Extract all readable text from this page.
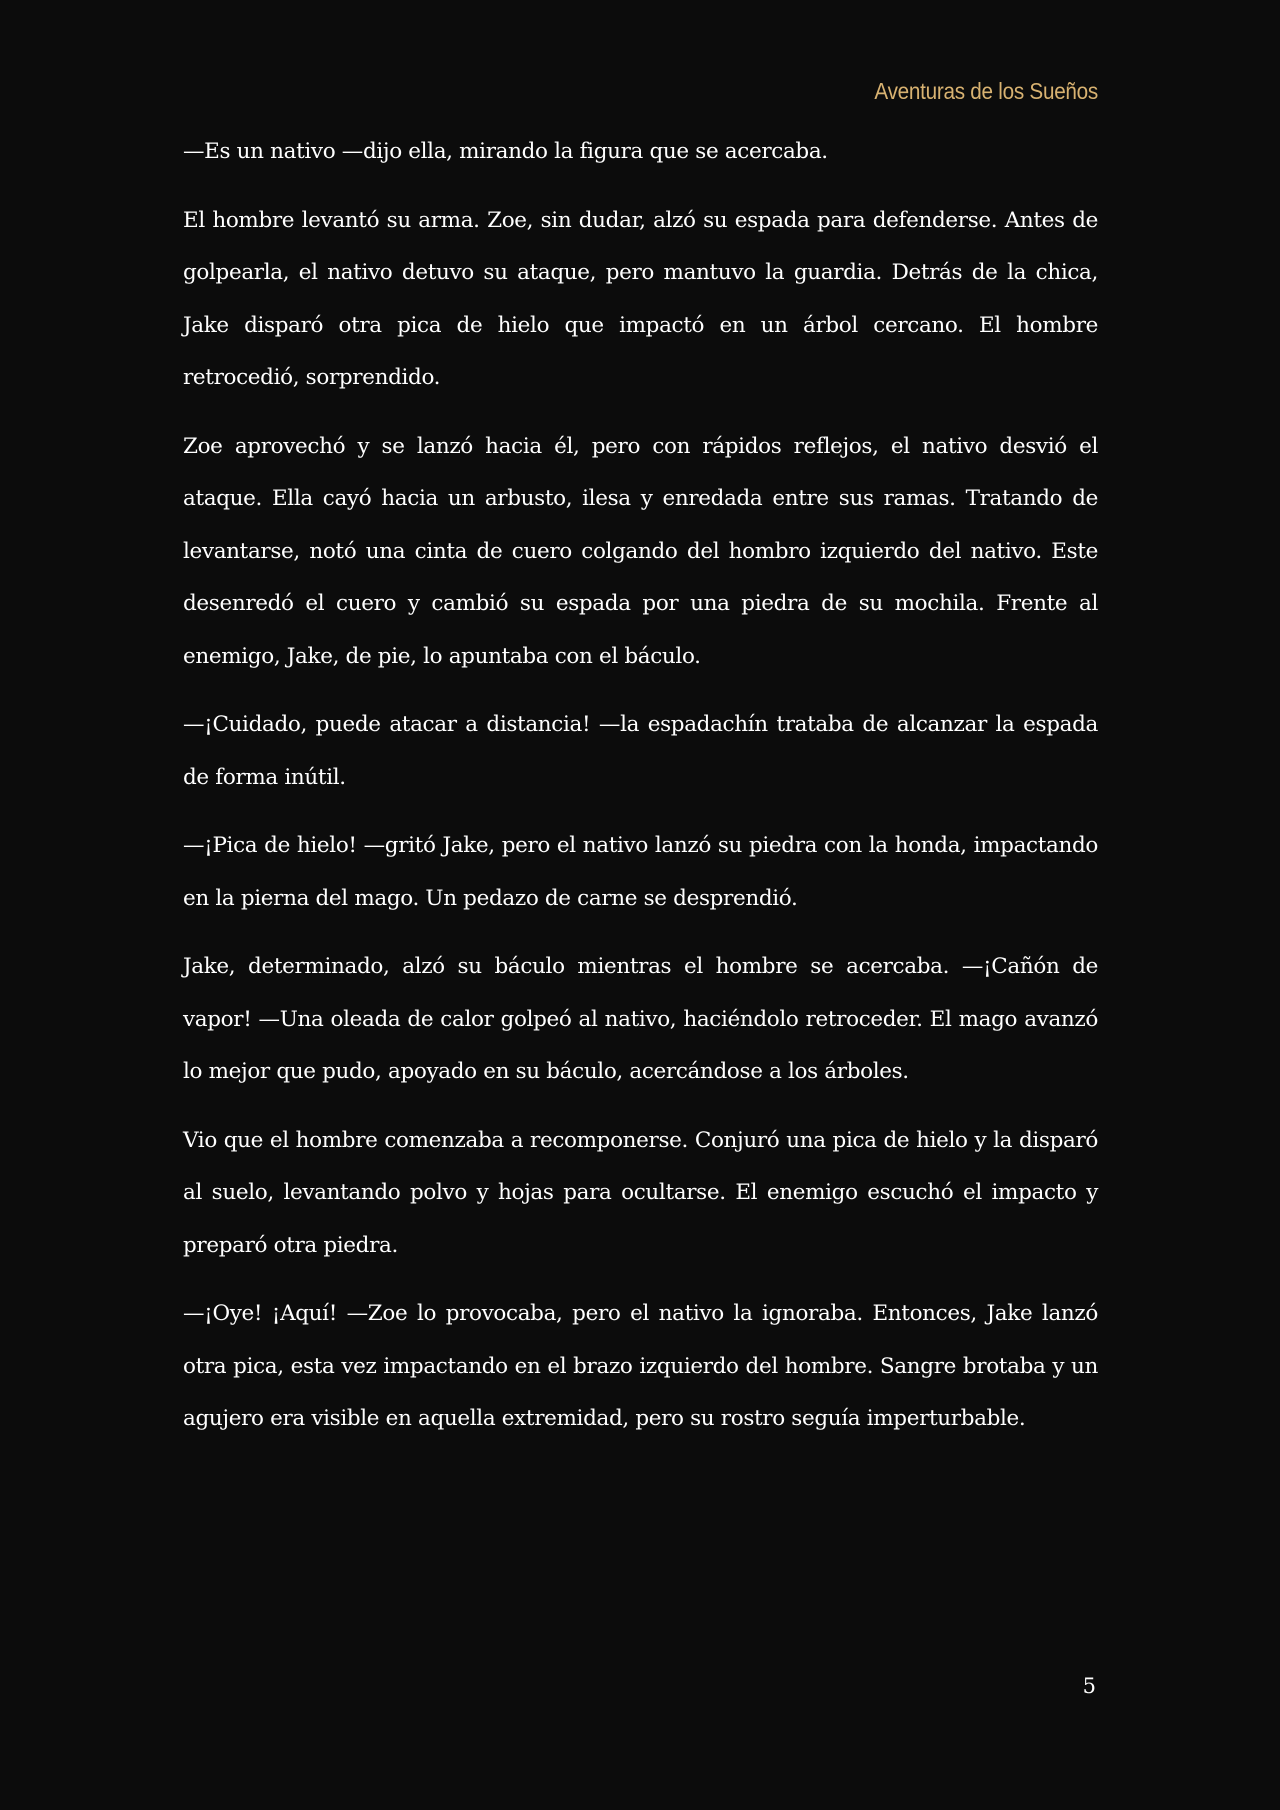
Aventuras de los Sueños

—Es un nativo —dijo ella, mirando la figura que se acercaba.

El hombre levantó su arma. Zoe, sin dudar, alzó su espada para defenderse. Antes de golpearla, el nativo detuvo su ataque, pero mantuvo la guardia. Detrás de la chica, Jake disparó otra pica de hielo que impactó en un árbol cercano. El hombre retrocedió, sorprendido.

Zoe aprovechó y se lanzó hacia él, pero con rápidos reflejos, el nativo desvió el ataque. Ella cayó hacia un arbusto, ilesa y enredada entre sus ramas. Tratando de levantarse, notó una cinta de cuero colgando del hombro izquierdo del nativo. Este desenredó el cuero y cambió su espada por una piedra de su mochila. Frente al enemigo, Jake, de pie, lo apuntaba con el báculo.

—¡Cuidado, puede atacar a distancia! —la espadachín trataba de alcanzar la espada de forma inútil.

—¡Pica de hielo! —gritó Jake, pero el nativo lanzó su piedra con la honda, impactando en la pierna del mago. Un pedazo de carne se desprendió.

Jake, determinado, alzó su báculo mientras el hombre se acercaba. —¡Cañón de vapor! —Una oleada de calor golpeó al nativo, haciéndolo retroceder. El mago avanzó lo mejor que pudo, apoyado en su báculo, acercándose a los árboles.

Vio que el hombre comenzaba a recomponerse. Conjuró una pica de hielo y la disparó al suelo, levantando polvo y hojas para ocultarse. El enemigo escuchó el impacto y preparó otra piedra.

—¡Oye! ¡Aquí! —Zoe lo provocaba, pero el nativo la ignoraba. Entonces, Jake lanzó otra pica, esta vez impactando en el brazo izquierdo del hombre. Sangre brotaba y un agujero era visible en aquella extremidad, pero su rostro seguía imperturbable.

5
